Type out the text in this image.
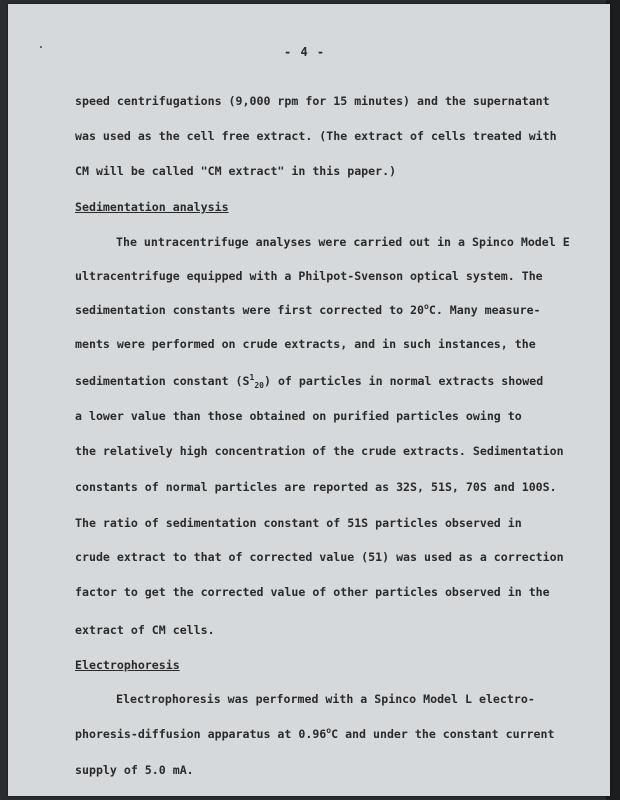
- 4 -
speed centrifugations (9,000 rpm for 15 minutes) and the supernatant
was used as the cell free extract. (The extract of cells treated with
CM will be called "CM extract" in this paper.)
Sedimentation analysis
The untracentrifuge analyses were carried out in a Spinco Model E
ultracentrifuge equipped with a Philpot-Svenson optical system. The
sedimentation constants were first corrected to 20$^o$C. Many measure-
ments were performed on crude extracts, and in such instances, the
sedimentation constant $(S^1_{20})$ of particles in normal extracts showed
a lower value than those obtained on purified particles owing to
the relatively high concentration of the crude extracts. Sedimentation
constants of normal particles are reported as 32S, 51S, 70S and 100S.
The ratio of sedimentation constant of 51S particles observed in
crude extract to that of corrected value (51) was used as a correction
factor to get the corrected value of other particles observed in the
extract of CM cells.
Electrophoresis
Electrophoresis was performed with a Spinco Model L electro-
phoresis-diffusion apparatus at 0.96$^o$C and under the constant current
supply of 5.0 mA.
